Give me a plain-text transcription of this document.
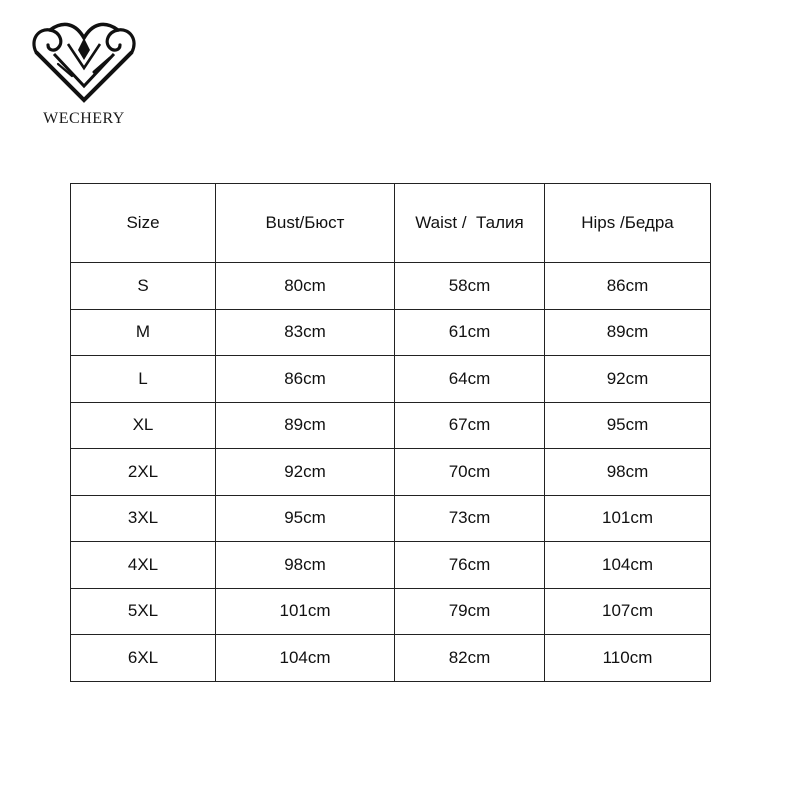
WECHERY
Size	Bust/Бюст	Waist /  Талия	Hips /Бедра
S	80cm	58cm	86cm
M	83cm	61cm	89cm
L	86cm	64cm	92cm
XL	89cm	67cm	95cm
2XL	92cm	70cm	98cm
3XL	95cm	73cm	101cm
4XL	98cm	76cm	104cm
5XL	101cm	79cm	107cm
6XL	104cm	82cm	110cm
